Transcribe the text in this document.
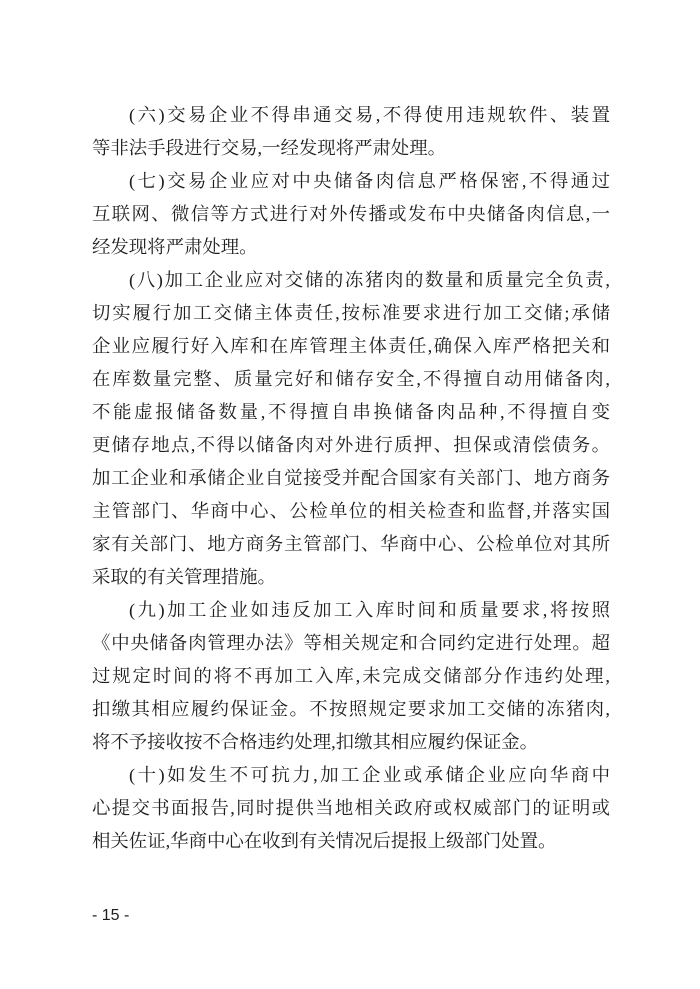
(六)交易企业不得串通交易,不得使用违规软件、装置
等非法手段进行交易,一经发现将严肃处理。
(七)交易企业应对中央储备肉信息严格保密,不得通过
互联网、微信等方式进行对外传播或发布中央储备肉信息,一
经发现将严肃处理。
(八)加工企业应对交储的冻猪肉的数量和质量完全负责,
切实履行加工交储主体责任,按标准要求进行加工交储;承储
企业应履行好入库和在库管理主体责任,确保入库严格把关和
在库数量完整、质量完好和储存安全,不得擅自动用储备肉,
不能虚报储备数量,不得擅自串换储备肉品种,不得擅自变
更储存地点,不得以储备肉对外进行质押、担保或清偿债务。
加工企业和承储企业自觉接受并配合国家有关部门、地方商务
主管部门、华商中心、公检单位的相关检查和监督,并落实国
家有关部门、地方商务主管部门、华商中心、公检单位对其所
采取的有关管理措施。
(九)加工企业如违反加工入库时间和质量要求,将按照
《中央储备肉管理办法》等相关规定和合同约定进行处理。超
过规定时间的将不再加工入库,未完成交储部分作违约处理,
扣缴其相应履约保证金。不按照规定要求加工交储的冻猪肉,
将不予接收按不合格违约处理,扣缴其相应履约保证金。
(十)如发生不可抗力,加工企业或承储企业应向华商中
心提交书面报告,同时提供当地相关政府或权威部门的证明或
相关佐证,华商中心在收到有关情况后提报上级部门处置。
- 15 -
